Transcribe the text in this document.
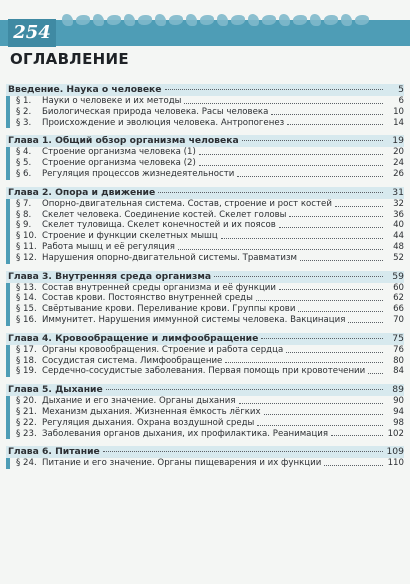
254
ОГЛАВЛЕНИЕ
Введение. Наука о человеке	5
§ 1.	Науки о человеке и их методы	6
§ 2.	Биологическая природа человека. Расы человека	10
§ 3.	Происхождение и эволюция человека. Антропогенез	14
Глава 1. Общий обзор организма человека	19
§ 4.	Строение организма человека (1)	20
§ 5.	Строение организма человека (2)	24
§ 6.	Регуляция процессов жизнедеятельности	26
Глава 2. Опора и движение	31
§ 7.	Опорно-двигательная система. Состав, строение и рост костей	32
§ 8.	Скелет человека. Соединение костей. Скелет головы	36
§ 9.	Скелет туловища. Скелет конечностей и их поясов	40
§ 10. Строение и функции скелетных мышц	44
§ 11. Работа мышц и её регуляция	48
§ 12. Нарушения опорно-двигательной системы. Травматизм	52
Глава 3. Внутренняя среда организма	59
§ 13. Состав внутренней среды организма и её функции	60
§ 14. Состав крови. Постоянство внутренней среды	62
§ 15. Свёртывание крови. Переливание крови. Группы крови	66
§ 16. Иммунитет. Нарушения иммунной системы человека. Вакцинация	70
Глава 4. Кровообращение и лимфообращение	75
§ 17. Органы кровообращения. Строение и работа сердца	76
§ 18. Сосудистая система. Лимфообращение	80
§ 19. Сердечно-сосудистые заболевания. Первая помощь при кровотечении	84
Глава 5. Дыхание	89
§ 20. Дыхание и его значение. Органы дыхания	90
§ 21. Механизм дыхания. Жизненная ёмкость лёгких	94
§ 22. Регуляция дыхания. Охрана воздушной среды	98
§ 23. Заболевания органов дыхания, их профилактика. Реанимация	102
Глава 6. Питание	109
§ 24. Питание и его значение. Органы пищеварения и их функции	110
